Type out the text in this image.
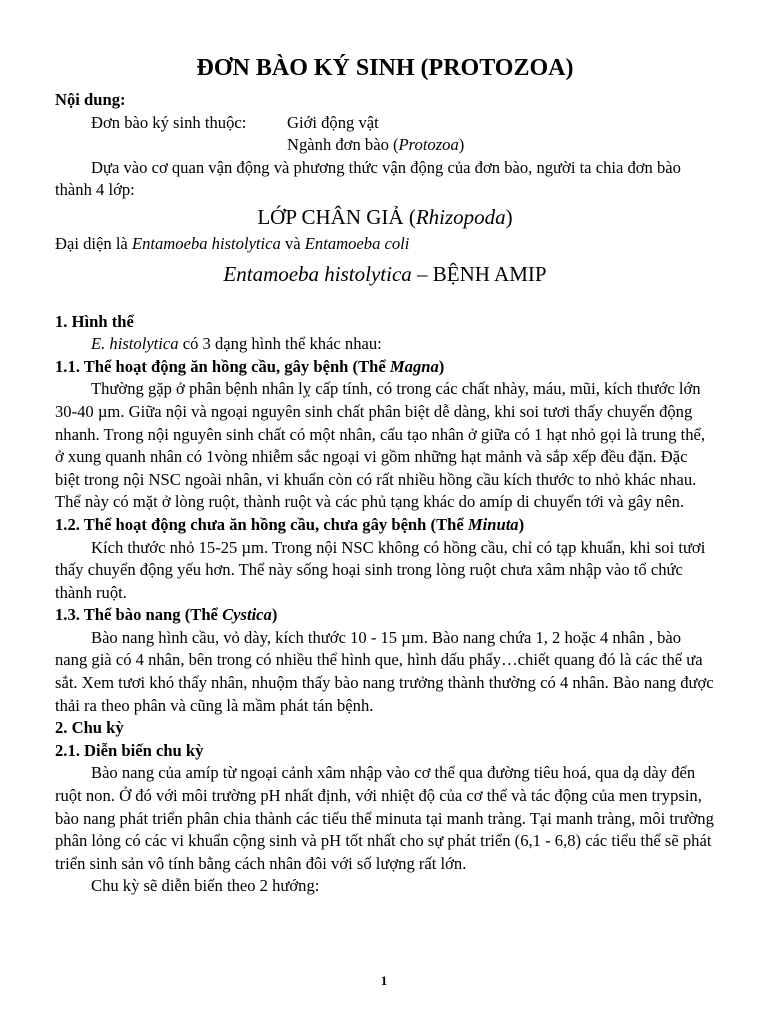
ĐƠN BÀO KÝ SINH (PROTOZOA)

Nội dung:

Đơn bào ký sinh thuộc:	Giới động vật
Ngành đơn bào (Protozoa)

Dựa vào cơ quan vận động và phương thức vận động của đơn bào, người ta chia đơn bào thành 4 lớp:

LỚP CHÂN GIẢ (Rhizopoda)

Đại diện là Entamoeba histolytica và Entamoeba coli

Entamoeba histolytica – BỆNH AMIP

1. Hình thể

E. histolytica có 3 dạng hình thể khác nhau:

1.1. Thể hoạt động ăn hồng cầu, gây bệnh (Thể Magna)

Thường gặp ở phân bệnh nhân lỵ cấp tính, có trong các chất nhày, máu, mũi, kích thước lớn 30-40 µm. Giữa nội và ngoại nguyên sinh chất phân biệt dễ dàng, khi soi tươi thấy chuyển động nhanh. Trong nội nguyên sinh chất có một nhân, cấu tạo nhân ở giữa có 1 hạt nhỏ gọi là trung thể, ở xung quanh nhân có 1vòng nhiễm sắc ngoại vi gồm những hạt mảnh và sắp xếp đều đặn. Đặc biệt trong nội NSC ngoài nhân, vi khuẩn còn có rất nhiều hồng cầu kích thước to nhỏ khác nhau. Thể này có mặt ở lòng ruột, thành ruột và các phủ tạng khác do amíp di chuyển tới và gây nên.

1.2. Thể hoạt động chưa ăn hồng cầu, chưa gây bệnh (Thể Minuta)

Kích thước nhỏ 15-25 µm. Trong nội NSC không có hồng cầu, chỉ có tạp khuẩn, khi soi tươi thấy chuyển động yếu hơn. Thể này sống hoại sinh trong lòng ruột chưa xâm nhập vào tổ chức thành ruột.

1.3. Thể bào nang (Thể Cystica)

Bào nang hình cầu, vỏ dày, kích thước 10 - 15 µm. Bào nang chứa 1, 2 hoặc 4 nhân , bào nang già có 4 nhân, bên trong có nhiều thể hình que, hình dấu phẩy…chiết quang đó là các thể ưa sắt. Xem tươi khó thấy nhân, nhuộm thấy bào nang trưởng thành thường có 4 nhân. Bào nang được thải ra theo phân và cũng là mầm phát tán bệnh.

2. Chu kỳ

2.1. Diễn biến chu kỳ

Bào nang của amíp từ ngoại cảnh xâm nhập vào cơ thể qua đường tiêu hoá, qua dạ dày đến ruột non. Ở đó với môi trường pH nhất định, với nhiệt độ của cơ thể và tác động của men trypsin, bào nang phát triển phân chia thành các tiểu thể minuta tại manh tràng. Tại manh tràng, môi trường phân lỏng có các vi khuẩn cộng sinh và pH tốt nhất cho sự phát triển (6,1 - 6,8) các tiểu thể sẽ phát triển sinh sản vô tính bằng cách nhân đôi với số lượng rất lớn.

Chu kỳ sẽ diễn biến theo 2 hướng:

1
